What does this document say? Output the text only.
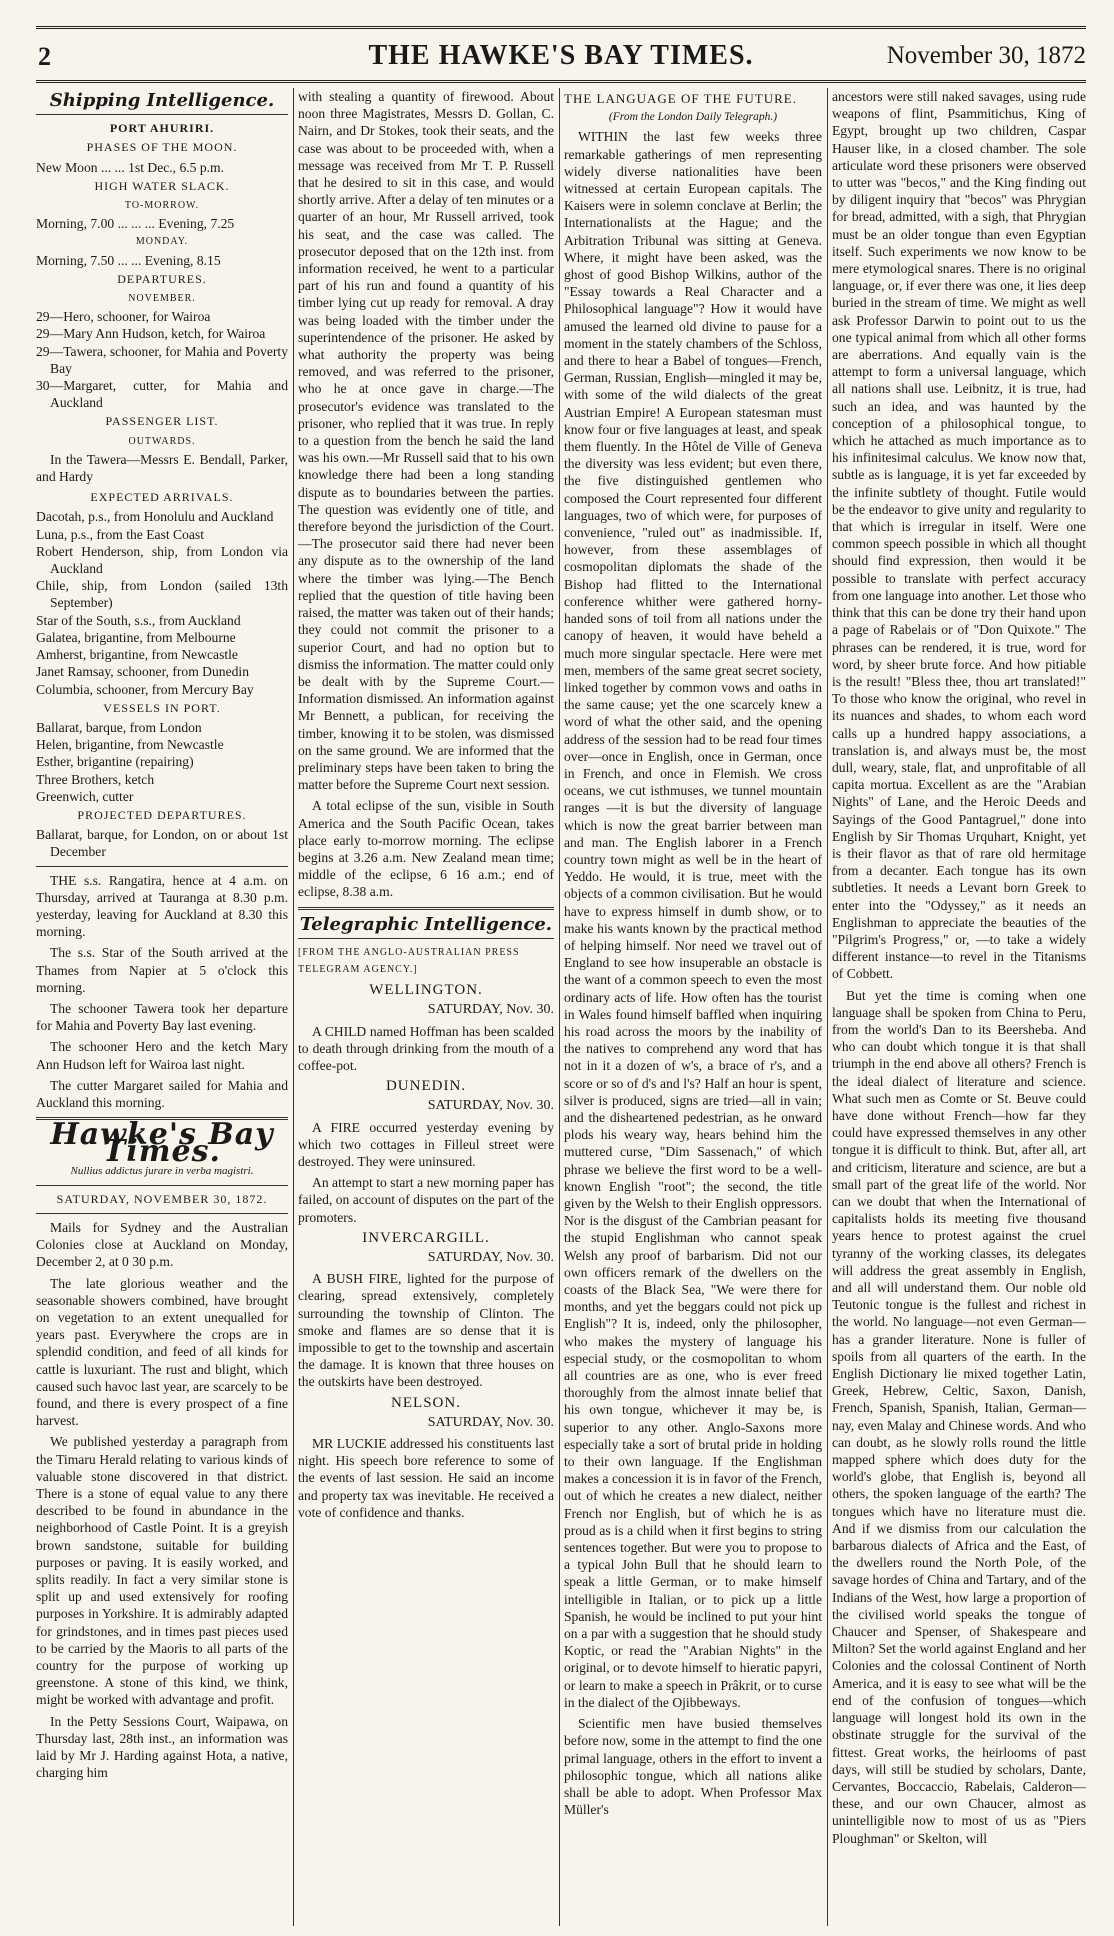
2	THE HAWKE'S BAY TIMES.	November 30, 1872
Shipping Intelligence.
PORT AHURIRI.
PHASES OF THE MOON.

New Moon ... ... 1st Dec., 6.5 p.m.

HIGH WATER SLACK.
TO-MORROW.

Morning, 7.00 ... ... ... Evening, 7.25

MONDAY.

Morning, 7.50 ... ... Evening, 8.15

DEPARTURES.
NOVEMBER.

29—Hero, schooner, for Wairoa

29—Mary Ann Hudson, ketch, for Wairoa

29—Tawera, schooner, for Mahia and Poverty Bay

30—Margaret, cutter, for Mahia and Auckland

PASSENGER LIST.
OUTWARDS.

In the Tawera—Messrs E. Bendall, Parker, and Hardy

EXPECTED ARRIVALS.

Dacotah, p.s., from Honolulu and Auckland

Luna, p.s., from the East Coast

Robert Henderson, ship, from London via Auckland

Chile, ship, from London (sailed 13th September)

Star of the South, s.s., from Auckland

Galatea, brigantine, from Melbourne

Amherst, brigantine, from Newcastle

Janet Ramsay, schooner, from Dunedin

Columbia, schooner, from Mercury Bay

VESSELS IN PORT.

Ballarat, barque, from London

Helen, brigantine, from Newcastle

Esther, brigantine (repairing)

Three Brothers, ketch

Greenwich, cutter

PROJECTED DEPARTURES.

Ballarat, barque, for London, on or about 1st December

THE s.s. Rangatira, hence at 4 a.m. on Thursday, arrived at Tauranga at 8.30 p.m. yesterday, leaving for Auckland at 8.30 this morning.

The s.s. Star of the South arrived at the Thames from Napier at 5 o'clock this morning.

The schooner Tawera took her departure for Mahia and Poverty Bay last evening.

The schooner Hero and the ketch Mary Ann Hudson left for Wairoa last night.

The cutter Margaret sailed for Mahia and Auckland this morning.

Hawke's Bay Times.
Nullius addictus jurare in verba magistri.
SATURDAY, NOVEMBER 30, 1872.

Mails for Sydney and the Australian Colonies close at Auckland on Monday, December 2, at 0 30 p.m.

The late glorious weather and the seasonable showers combined, have brought on vegetation to an extent unequalled for years past. Everywhere the crops are in splendid condition, and feed of all kinds for cattle is luxuriant. The rust and blight, which caused such havoc last year, are scarcely to be found, and there is every prospect of a fine harvest.

We published yesterday a paragraph from the Timaru Herald relating to various kinds of valuable stone discovered in that district. There is a stone of equal value to any there described to be found in abundance in the neighborhood of Castle Point. It is a greyish brown sandstone, suitable for building purposes or paving. It is easily worked, and splits readily. In fact a very similar stone is split up and used extensively for roofing purposes in Yorkshire. It is admirably adapted for grindstones, and in times past pieces used to be carried by the Maoris to all parts of the country for the purpose of working up greenstone. A stone of this kind, we think, might be worked with advantage and profit.

In the Petty Sessions Court, Waipawa, on Thursday last, 28th inst., an information was laid by Mr J. Harding against Hota, a native, charging him

with stealing a quantity of firewood. About noon three Magistrates, Messrs D. Gollan, C. Nairn, and Dr Stokes, took their seats, and the case was about to be proceeded with, when a message was received from Mr T. P. Russell that he desired to sit in this case, and would shortly arrive. After a delay of ten minutes or a quarter of an hour, Mr Russell arrived, took his seat, and the case was called. The prosecutor deposed that on the 12th inst. from information received, he went to a particular part of his run and found a quantity of his timber lying cut up ready for removal. A dray was being loaded with the timber under the superintendence of the prisoner. He asked by what authority the property was being removed, and was referred to the prisoner, who he at once gave in charge.—The prosecutor's evidence was translated to the prisoner, who replied that it was true. In reply to a question from the bench he said the land was his own.—Mr Russell said that to his own knowledge there had been a long standing dispute as to boundaries between the parties. The question was evidently one of title, and therefore beyond the jurisdiction of the Court.—The prosecutor said there had never been any dispute as to the ownership of the land where the timber was lying.—The Bench replied that the question of title having been raised, the matter was taken out of their hands; they could not commit the prisoner to a superior Court, and had no option but to dismiss the information. The matter could only be dealt with by the Supreme Court.—Information dismissed. An information against Mr Bennett, a publican, for receiving the timber, knowing it to be stolen, was dismissed on the same ground. We are informed that the preliminary steps have been taken to bring the matter before the Supreme Court next session.

A total eclipse of the sun, visible in South America and the South Pacific Ocean, takes place early to-morrow morning. The eclipse begins at 3.26 a.m. New Zealand mean time; middle of the eclipse, 6 16 a.m.; end of eclipse, 8.38 a.m.

Telegraphic Intelligence.
[FROM THE ANGLO-AUSTRALIAN PRESS TELEGRAM AGENCY.]
WELLINGTON.
SATURDAY, Nov. 30.

A CHILD named Hoffman has been scalded to death through drinking from the mouth of a coffee-pot.

DUNEDIN.
SATURDAY, Nov. 30.

A FIRE occurred yesterday evening by which two cottages in Filleul street were destroyed. They were uninsured.

An attempt to start a new morning paper has failed, on account of disputes on the part of the promoters.

INVERCARGILL.
SATURDAY, Nov. 30.

A BUSH FIRE, lighted for the purpose of clearing, spread extensively, completely surrounding the township of Clinton. The smoke and flames are so dense that it is impossible to get to the township and ascertain the damage. It is known that three houses on the outskirts have been destroyed.

NELSON.
SATURDAY, Nov. 30.

MR LUCKIE addressed his constituents last night. His speech bore reference to some of the events of last session. He said an income and property tax was inevitable. He received a vote of confidence and thanks.

THE LANGUAGE OF THE FUTURE.
(From the London Daily Telegraph.)

WITHIN the last few weeks three remarkable gatherings of men representing widely diverse nationalities have been witnessed at certain European capitals. The Kaisers were in solemn conclave at Berlin; the Internationalists at the Hague; and the Arbitration Tribunal was sitting at Geneva. Where, it might have been asked, was the ghost of good Bishop Wilkins, author of the "Essay towards a Real Character and a Philosophical language"? How it would have amused the learned old divine to pause for a moment in the stately chambers of the Schloss, and there to hear a Babel of tongues—French, German, Russian, English—mingled it may be, with some of the wild dialects of the great Austrian Empire! A European statesman must know four or five languages at least, and speak them fluently. In the Hôtel de Ville of Geneva the diversity was less evident; but even there, the five distinguished gentlemen who composed the Court represented four different languages, two of which were, for purposes of convenience, "ruled out" as inadmissible. If, however, from these assemblages of cosmopolitan diplomats the shade of the Bishop had flitted to the International conference whither were gathered horny-handed sons of toil from all nations under the canopy of heaven, it would have beheld a much more singular spectacle. Here were met men, members of the same great secret society, linked together by common vows and oaths in the same cause; yet the one scarcely knew a word of what the other said, and the opening address of the session had to be read four times over—once in English, once in German, once in French, and once in Flemish. We cross oceans, we cut isthmuses, we tunnel mountain ranges —it is but the diversity of language which is now the great barrier between man and man. The English laborer in a French country town might as well be in the heart of Yeddo. He would, it is true, meet with the objects of a common civilisation. But he would have to express himself in dumb show, or to make his wants known by the practical method of helping himself. Nor need we travel out of England to see how insuperable an obstacle is the want of a common speech to even the most ordinary acts of life. How often has the tourist in Wales found himself baffled when inquiring his road across the moors by the inability of the natives to comprehend any word that has not in it a dozen of w's, a brace of r's, and a score or so of d's and l's? Half an hour is spent, silver is produced, signs are tried—all in vain; and the disheartened pedestrian, as he onward plods his weary way, hears behind him the muttered curse, "Dim Sassenach," of which phrase we believe the first word to be a well-known English "root"; the second, the title given by the Welsh to their English oppressors. Nor is the disgust of the Cambrian peasant for the stupid Englishman who cannot speak Welsh any proof of barbarism. Did not our own officers remark of the dwellers on the coasts of the Black Sea, "We were there for months, and yet the beggars could not pick up English"? It is, indeed, only the philosopher, who makes the mystery of language his especial study, or the cosmopolitan to whom all countries are as one, who is ever freed thoroughly from the almost innate belief that his own tongue, whichever it may be, is superior to any other. Anglo-Saxons more especially take a sort of brutal pride in holding to their own language. If the Englishman makes a concession it is in favor of the French, out of which he creates a new dialect, neither French nor English, but of which he is as proud as is a child when it first begins to string sentences together. But were you to propose to a typical John Bull that he should learn to speak a little German, or to make himself intelligible in Italian, or to pick up a little Spanish, he would be inclined to put your hint on a par with a suggestion that he should study Koptic, or read the "Arabian Nights" in the original, or to devote himself to hieratic papyri, or learn to make a speech in Prâkrit, or to curse in the dialect of the Ojibbeways.

Scientific men have busied themselves before now, some in the attempt to find the one primal language, others in the effort to invent a philosophic tongue, which all nations alike shall be able to adopt. When Professor Max Müller's

ancestors were still naked savages, using rude weapons of flint, Psammitichus, King of Egypt, brought up two children, Caspar Hauser like, in a closed chamber. The sole articulate word these prisoners were observed to utter was "becos," and the King finding out by diligent inquiry that "becos" was Phrygian for bread, admitted, with a sigh, that Phrygian must be an older tongue than even Egyptian itself. Such experiments we now know to be mere etymological snares. There is no original language, or, if ever there was one, it lies deep buried in the stream of time. We might as well ask Professor Darwin to point out to us the one typical animal from which all other forms are aberrations. And equally vain is the attempt to form a universal language, which all nations shall use. Leibnitz, it is true, had such an idea, and was haunted by the conception of a philosophical tongue, to which he attached as much importance as to his infinitesimal calculus. We know now that, subtle as is language, it is yet far exceeded by the infinite subtlety of thought. Futile would be the endeavor to give unity and regularity to that which is irregular in itself. Were one common speech possible in which all thought should find expression, then would it be possible to translate with perfect accuracy from one language into another. Let those who think that this can be done try their hand upon a page of Rabelais or of "Don Quixote." The phrases can be rendered, it is true, word for word, by sheer brute force. And how pitiable is the result! "Bless thee, thou art translated!" To those who know the original, who revel in its nuances and shades, to whom each word calls up a hundred happy associations, a translation is, and always must be, the most dull, weary, stale, flat, and unprofitable of all capita mortua. Excellent as are the "Arabian Nights" of Lane, and the Heroic Deeds and Sayings of the Good Pantagruel," done into English by Sir Thomas Urquhart, Knight, yet is their flavor as that of rare old hermitage from a decanter. Each tongue has its own subtleties. It needs a Levant born Greek to enter into the "Odyssey," as it needs an Englishman to appreciate the beauties of the "Pilgrim's Progress," or, —to take a widely different instance—to revel in the Titanisms of Cobbett.

But yet the time is coming when one language shall be spoken from China to Peru, from the world's Dan to its Beersheba. And who can doubt which tongue it is that shall triumph in the end above all others? French is the ideal dialect of literature and science. What such men as Comte or St. Beuve could have done without French—how far they could have expressed themselves in any other tongue it is difficult to think. But, after all, art and criticism, literature and science, are but a small part of the great life of the world. Nor can we doubt that when the International of capitalists holds its meeting five thousand years hence to protest against the cruel tyranny of the working classes, its delegates will address the great assembly in English, and all will understand them. Our noble old Teutonic tongue is the fullest and richest in the world. No language—not even German—has a grander literature. None is fuller of spoils from all quarters of the earth. In the English Dictionary lie mixed together Latin, Greek, Hebrew, Celtic, Saxon, Danish, French, Spanish, Spanish, Italian, German—nay, even Malay and Chinese words. And who can doubt, as he slowly rolls round the little mapped sphere which does duty for the world's globe, that English is, beyond all others, the spoken language of the earth? The tongues which have no literature must die. And if we dismiss from our calculation the barbarous dialects of Africa and the East, of the dwellers round the North Pole, of the savage hordes of China and Tartary, and of the Indians of the West, how large a proportion of the civilised world speaks the tongue of Chaucer and Spenser, of Shakespeare and Milton? Set the world against England and her Colonies and the colossal Continent of North America, and it is easy to see what will be the end of the confusion of tongues—which language will longest hold its own in the obstinate struggle for the survival of the fittest. Great works, the heirlooms of past days, will still be studied by scholars, Dante, Cervantes, Boccaccio, Rabelais, Calderon—these, and our own Chaucer, almost as unintelligible now to most of us as "Piers Ploughman" or Skelton, will
